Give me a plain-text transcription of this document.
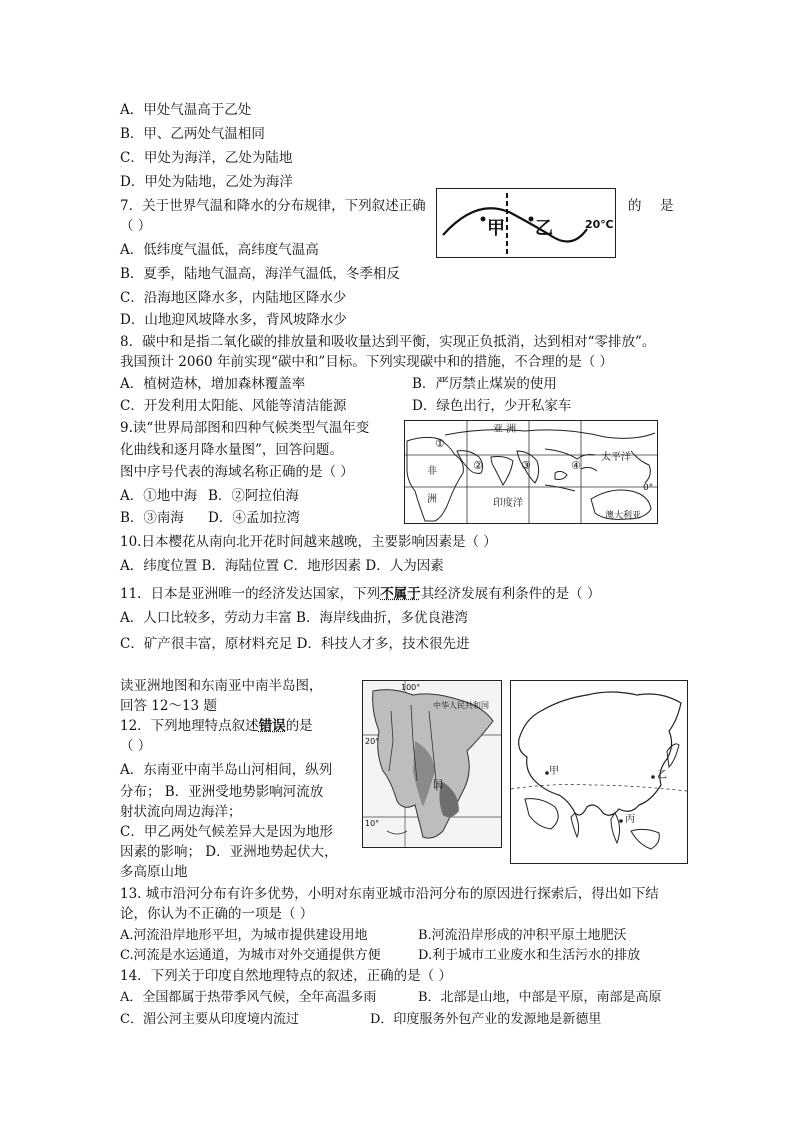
A．甲处气温高于乙处
B．甲、乙两处气温相同
C．甲处为海洋，乙处为陆地
D．甲处为陆地，乙处为海洋
7．关于世界气温和降水的分布规律，下列叙述正确	的 是
（ ）	甲 乙	20℃
A．低纬度气温低，高纬度气温高
B．夏季，陆地气温高，海洋气温低，冬季相反
C．沿海地区降水多，内陆地区降水少
D．山地迎风坡降水多，背风坡降水少
8．碳中和是指二氧化碳的排放量和吸收量达到平衡，实现正负抵消，达到相对“零排放”。
我国预计 2060 年前实现“碳中和”目标。下列实现碳中和的措施，不合理的是（ ）
A．植树造林，增加森林覆盖率	B．严厉禁止煤炭的使用
C．开发利用太阳能、风能等清洁能源	D．绿色出行，少开私家车
9.读“世界局部图和四种气候类型气温年变
化曲线和逐月降水量图”，回答问题。
图中序号代表的海域名称正确的是（ ）
A．①地中海 B．②阿拉伯海
B．③南海 D．④孟加拉湾
亚 洲
非
洲	印度洋
太平洋
澳大利亚
①
②	③	④
0°
10.日本樱花从南向北开花时间越来越晚，主要影响因素是（ ）
A．纬度位置 B．海陆位置 C．地形因素 D．人为因素
11．日本是亚洲唯一的经济发达国家，下列不属于其经济发展有利条件的是（ ）
A．人口比较多，劳动力丰富 B．海岸线曲折，多优良港湾
C．矿产很丰富，原材料充足 D．科技人才多，技术很先进
读亚洲地图和东南亚中南半岛图，
回答 12～13 题
12．下列地理特点叙述错误的是
（ ）
A．东南亚中南半岛山河相间，纵列
分布； B．亚洲受地势影响河流放
射状流向周边海洋；
C．甲乙两处气候差异大是因为地形
因素的影响； D．亚洲地势起伏大，
多高原山地
100°
中华人民共和国
20°
10°
国
甲	乙
丙
13. 城市沿河分布有许多优势，小明对东南亚城市沿河分布的原因进行探索后，得出如下结
论，你认为不正确的一项是（ ）
A.河流沿岸地形平坦，为城市提供建设用地	B.河流沿岸形成的冲积平原土地肥沃
C.河流是水运通道，为城市对外交通提供方便	D.利于城市工业废水和生活污水的排放
14．下列关于印度自然地理特点的叙述，正确的是（ ）
A．全国都属于热带季风气候，全年高温多雨	B．北部是山地，中部是平原，南部是高原
C．湄公河主要从印度境内流过	D．印度服务外包产业的发源地是新德里
